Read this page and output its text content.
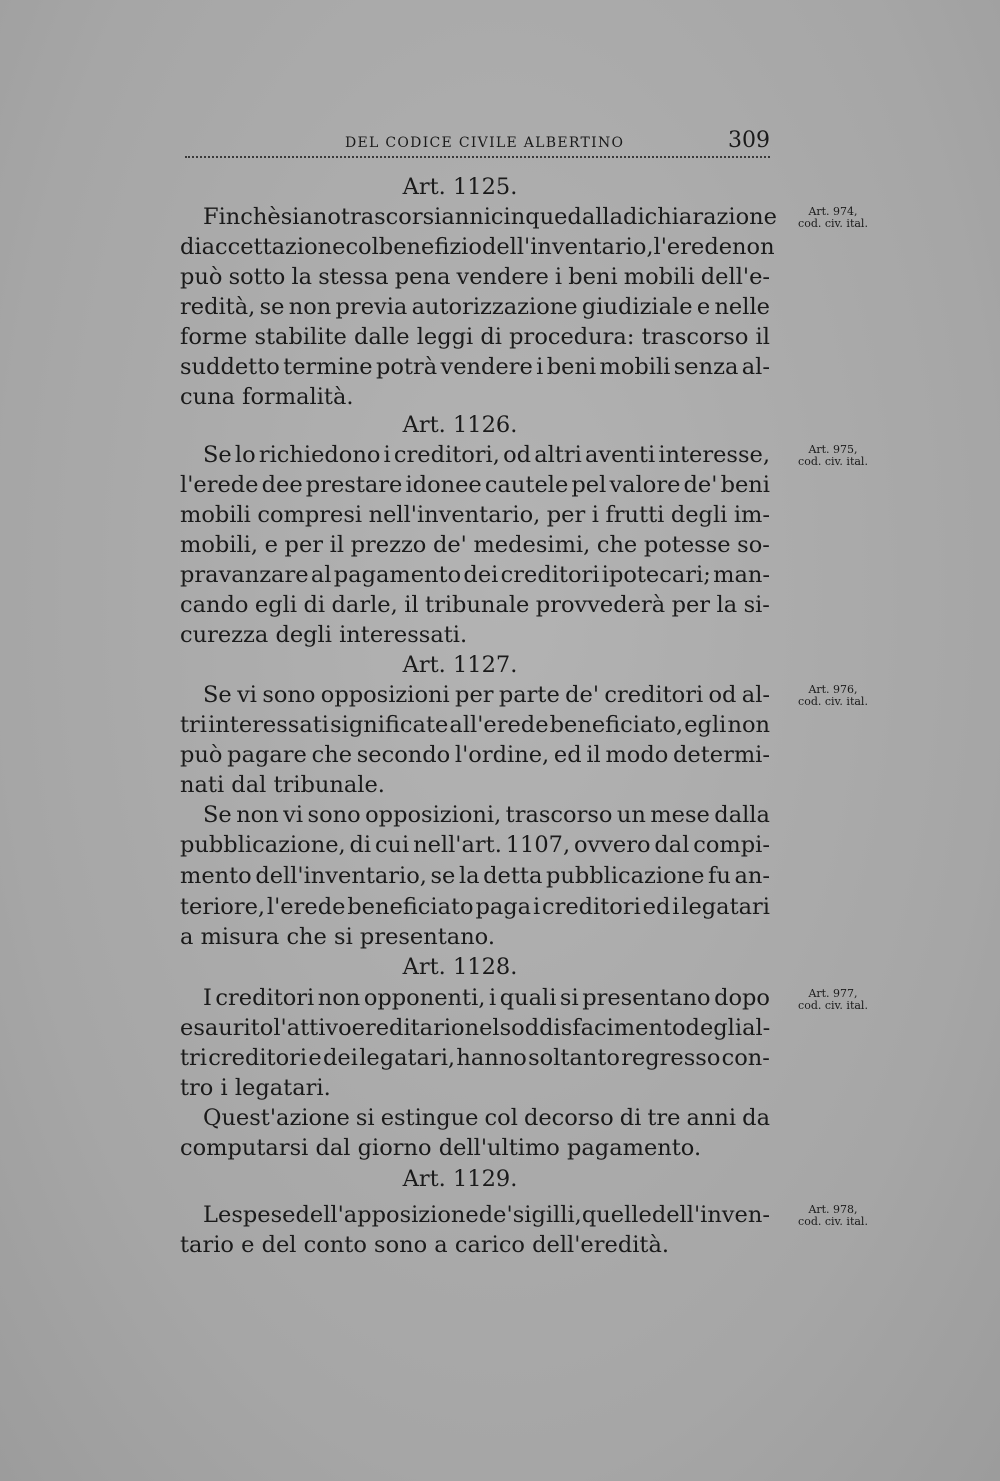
DEL CODICE CIVILE ALBERTINO	309
Art. 1125.
Finchè siano trascorsi anni cinque dalla dichiarazione
di accettazione col benefizio dell'inventario, l'erede non
può sotto la stessa pena vendere i beni mobili dell'e-
redità, se non previa autorizzazione giudiziale e nelle
forme stabilite dalle leggi di procedura: trascorso il
suddetto termine potrà vendere i beni mobili senza al-
cuna formalità.
Art. 974,
cod. civ. ital.
Art. 1126.
Se lo richiedono i creditori, od altri aventi interesse,
l'erede dee prestare idonee cautele pel valore de' beni
mobili compresi nell'inventario, per i frutti degli im-
mobili, e per il prezzo de' medesimi, che potesse so-
pravanzare al pagamento dei creditori ipotecari; man-
cando egli di darle, il tribunale provvederà per la si-
curezza degli interessati.
Art. 975,
cod. civ. ital.
Art. 1127.
Se vi sono opposizioni per parte de' creditori od al-
tri interessati significate all'erede beneficiato, egli non
può pagare che secondo l'ordine, ed il modo determi-
nati dal tribunale.
Se non vi sono opposizioni, trascorso un mese dalla
pubblicazione, di cui nell'art. 1107, ovvero dal compi-
mento dell'inventario, se la detta pubblicazione fu an-
teriore, l'erede beneficiato paga i creditori ed i legatari
a misura che si presentano.
Art. 976,
cod. civ. ital.
Art. 1128.
I creditori non opponenti, i quali si presentano dopo
esaurito l'attivo ereditario nel soddisfacimento degli al-
tri creditori e dei legatari, hanno soltanto regresso con-
tro i legatari.
Quest'azione si estingue col decorso di tre anni da
computarsi dal giorno dell'ultimo pagamento.
Art. 977,
cod. civ. ital.
Art. 1129.
Le spese dell'apposizione de' sigilli, quelle dell'inven-
tario e del conto sono a carico dell'eredità.
Art. 978,
cod. civ. ital.
